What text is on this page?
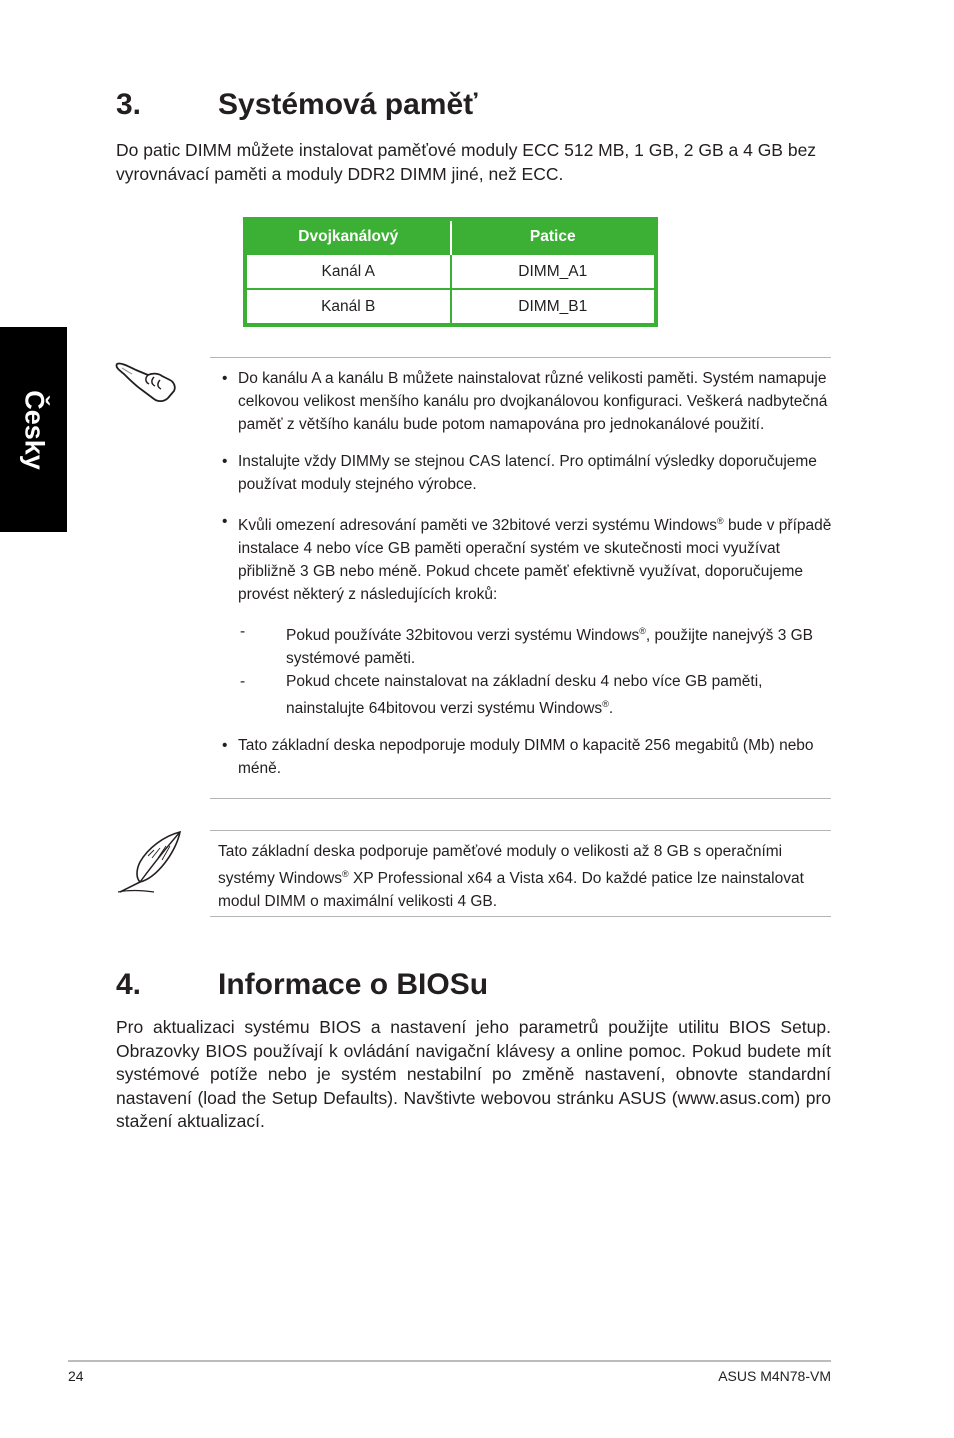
Česky
3.	Systémová paměť

Do patic DIMM můžete instalovat paměťové moduly ECC 512 MB, 1 GB, 2 GB a 4 GB bez vyrovnávací paměti a moduly DDR2 DIMM jiné, než ECC.

Dvojkanálový	Patice
Kanál A	DIMM_A1
Kanál B	DIMM_B1
• Do kanálu A a kanálu B můžete nainstalovat různé velikosti paměti. Systém namapuje celkovou velikost menšího kanálu pro dvojkanálovou konfiguraci. Veškerá nadbytečná paměť z většího kanálu bude potom namapována pro jednokanálové použití.
• Instalujte vždy DIMMy se stejnou CAS latencí. Pro optimální výsledky doporučujeme používat moduly stejného výrobce.
• Kvůli omezení adresování paměti ve 32bitové verzi systému Windows® bude v případě instalace 4 nebo více GB paměti operační systém ve skutečnosti moci využívat přibližně 3 GB nebo méně. Pokud chcete paměť efektivně využívat, doporučujeme provést některý z následujících kroků:
-	Pokud používáte 32bitovou verzi systému Windows®, použijte nanejvýš 3 GB systémové paměti.
-	Pokud chcete nainstalovat na základní desku 4 nebo více GB paměti, nainstalujte 64bitovou verzi systému Windows®.
• Tato základní deska nepodporuje moduly DIMM o kapacitě 256 megabitů (Mb) nebo méně.

Tato základní deska podporuje paměťové moduly o velikosti až 8 GB s operačními systémy Windows® XP Professional x64 a Vista x64. Do každé patice lze nainstalovat modul DIMM o maximální velikosti 4 GB.

4.	Informace o BIOSu

Pro aktualizaci systému BIOS a nastavení jeho parametrů použijte utilitu BIOS Setup. Obrazovky BIOS používají k ovládání navigační klávesy a online pomoc. Pokud budete mít systémové potíže nebo je systém nestabilní po změně nastavení, obnovte standardní nastavení (load the Setup Defaults). Navštivte webovou stránku ASUS (www.asus.com) pro stažení aktualizací.

24	ASUS M4N78-VM
